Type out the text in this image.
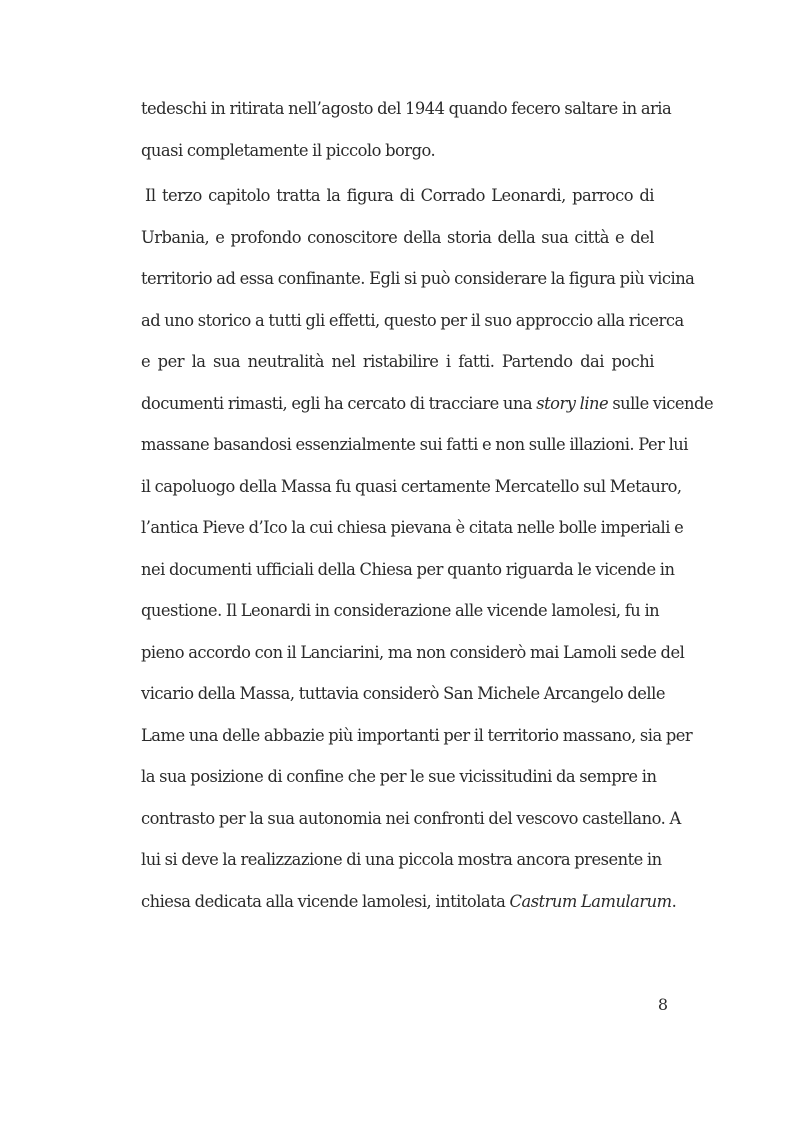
tedeschi in ritirata nell’agosto del 1944 quando fecero saltare in aria
quasi completamente il piccolo borgo.
Il terzo capitolo tratta la figura di Corrado Leonardi, parroco di
Urbania, e profondo conoscitore della storia della sua città e del
territorio ad essa confinante. Egli si può considerare la figura più vicina
ad uno storico a tutti gli effetti, questo per il suo approccio alla ricerca
e per la sua neutralità nel ristabilire i fatti. Partendo dai pochi
documenti rimasti, egli ha cercato di tracciare una story line sulle vicende
massane basandosi essenzialmente sui fatti e non sulle illazioni. Per lui
il capoluogo della Massa fu quasi certamente Mercatello sul Metauro,
l’antica Pieve d’Ico la cui chiesa pievana è citata nelle bolle imperiali e
nei documenti ufficiali della Chiesa per quanto riguarda le vicende in
questione. Il Leonardi in considerazione alle vicende lamolesi, fu in
pieno accordo con il Lanciarini, ma non considerò mai Lamoli sede del
vicario della Massa, tuttavia considerò San Michele Arcangelo delle
Lame una delle abbazie più importanti per il territorio massano, sia per
la sua posizione di confine che per le sue vicissitudini da sempre in
contrasto per la sua autonomia nei confronti del vescovo castellano. A
lui si deve la realizzazione di una piccola mostra ancora presente in
chiesa dedicata alla vicende lamolesi, intitolata Castrum Lamularum.
8
